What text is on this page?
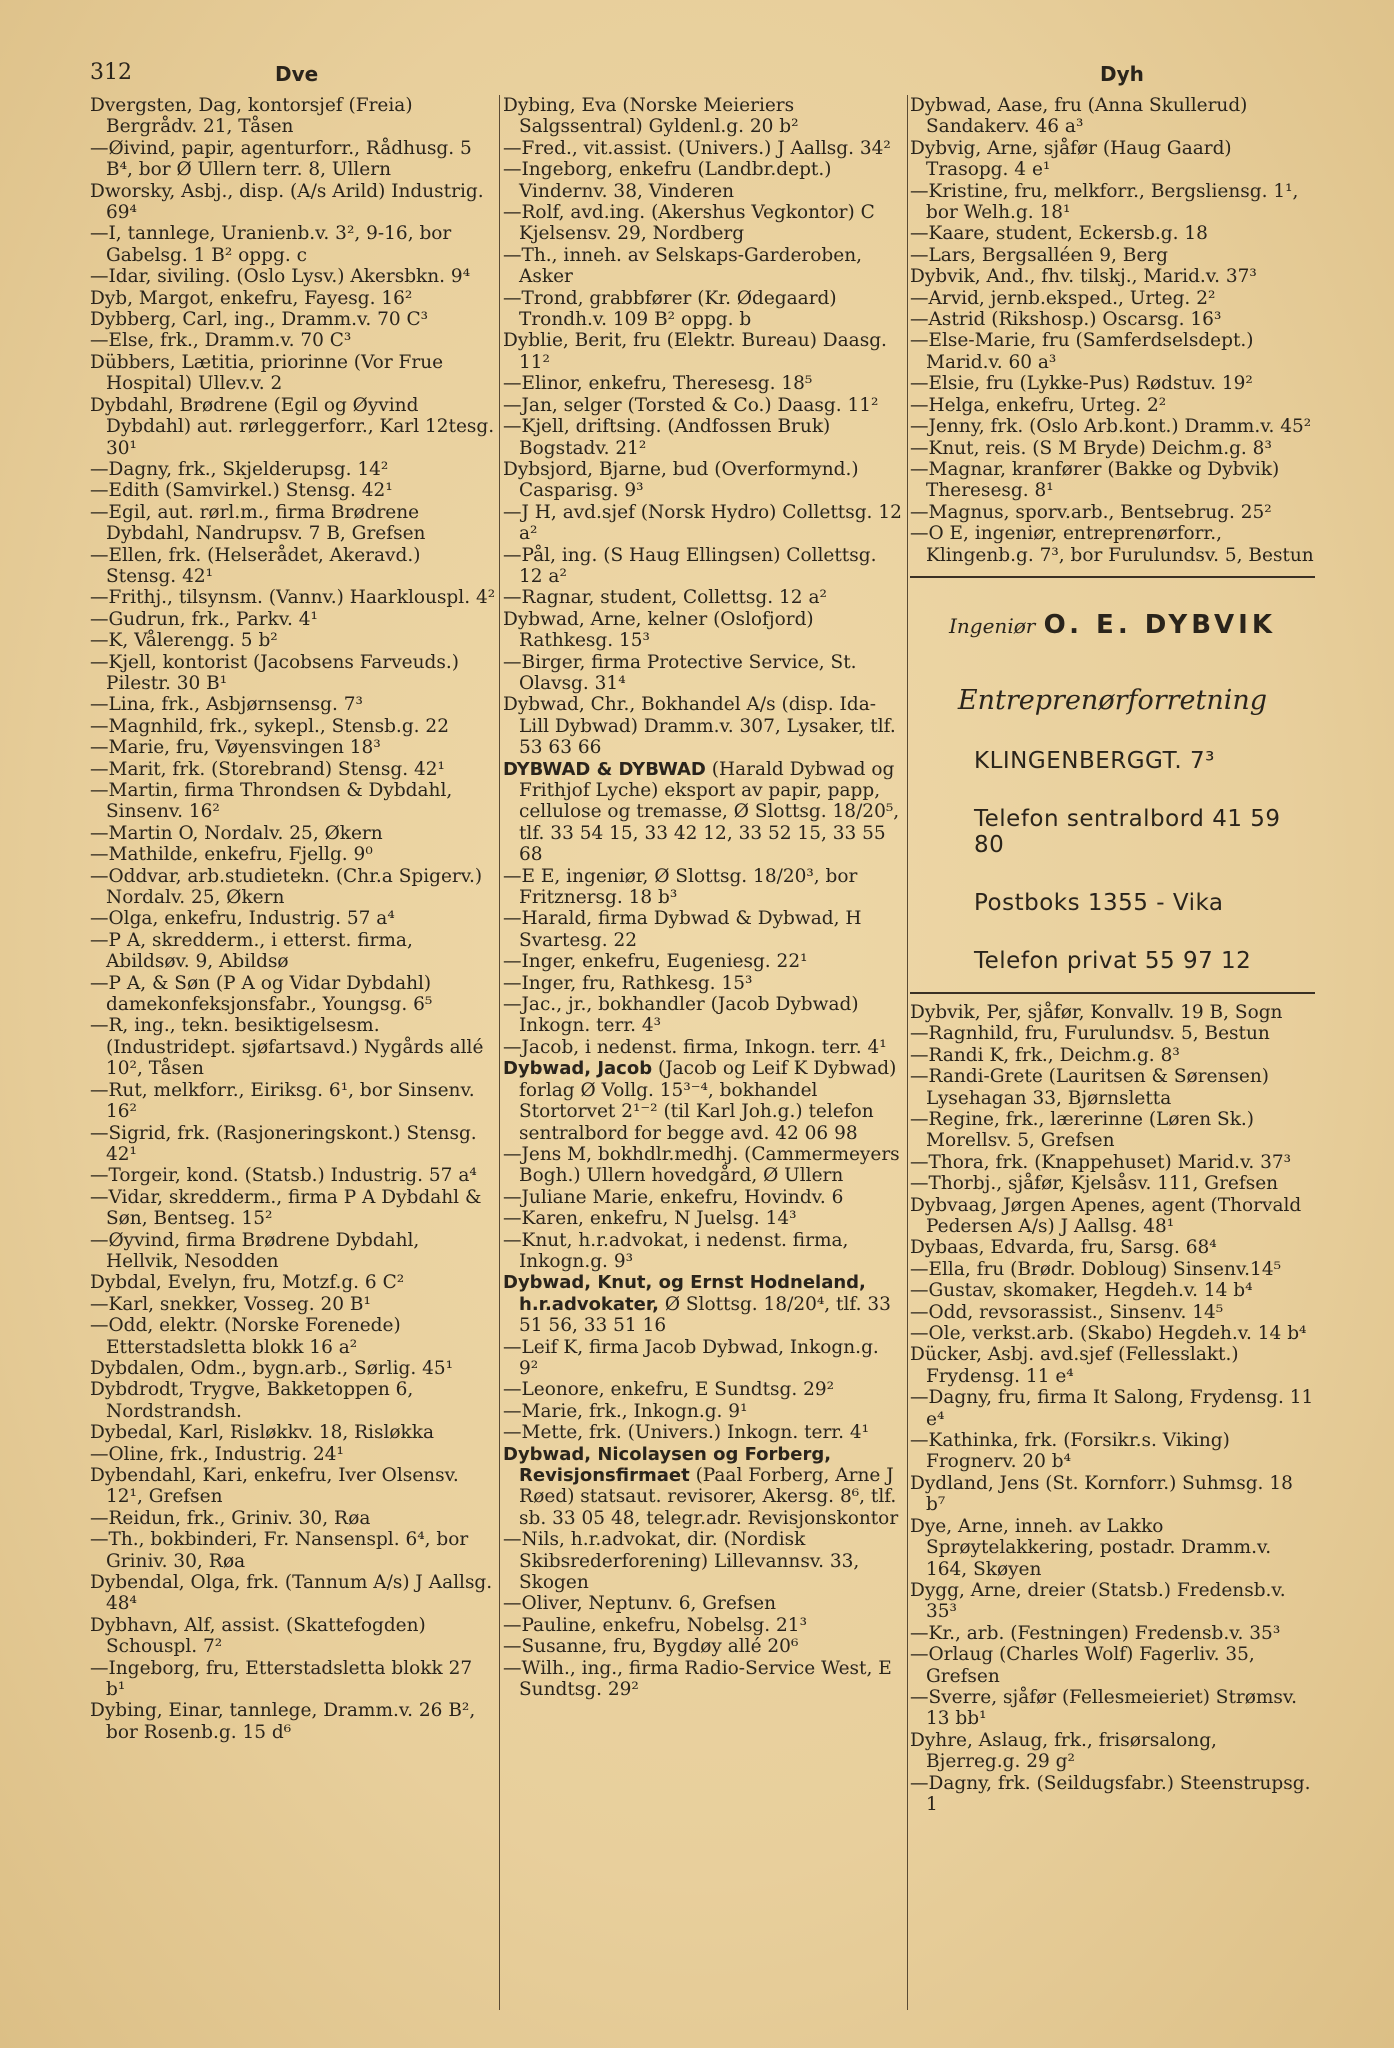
312	Dve	Dyh

Dvergsten, Dag, kontorsjef (Freia) Bergrådv. 21, Tåsen

—Øivind, papir, agenturforr., Rådhusg. 5 B⁴, bor Ø Ullern terr. 8, Ullern

Dworsky, Asbj., disp. (A/s Arild) Industrig. 69⁴

—I, tannlege, Uranienb.v. 3², 9-16, bor Gabelsg. 1 B² oppg. c

—Idar, siviling. (Oslo Lysv.) Akersbkn. 9⁴

Dyb, Margot, enkefru, Fayesg. 16²

Dybberg, Carl, ing., Dramm.v. 70 C³

—Else, frk., Dramm.v. 70 C³

Dübbers, Lætitia, priorinne (Vor Frue Hospital) Ullev.v. 2

Dybdahl, Brødrene (Egil og Øyvind Dybdahl) aut. rørleggerforr., Karl 12tesg. 30¹

—Dagny, frk., Skjelderupsg. 14²

—Edith (Samvirkel.) Stensg. 42¹

—Egil, aut. rørl.m., firma Brødrene Dybdahl, Nandrupsv. 7 B, Grefsen

—Ellen, frk. (Helserådet, Akeravd.) Stensg. 42¹

—Frithj., tilsynsm. (Vannv.) Haarklouspl. 4²

—Gudrun, frk., Parkv. 4¹

—K, Vålerengg. 5 b²

—Kjell, kontorist (Jacobsens Farveuds.) Pilestr. 30 B¹

—Lina, frk., Asbjørnsensg. 7³

—Magnhild, frk., sykepl., Stensb.g. 22

—Marie, fru, Vøyensvingen 18³

—Marit, frk. (Storebrand) Stensg. 42¹

—Martin, firma Throndsen & Dybdahl, Sinsenv. 16²

—Martin O, Nordalv. 25, Økern

—Mathilde, enkefru, Fjellg. 9⁰

—Oddvar, arb.studietekn. (Chr.a Spigerv.) Nordalv. 25, Økern

—Olga, enkefru, Industrig. 57 a⁴

—P A, skredderm., i etterst. firma, Abildsøv. 9, Abildsø

—P A, & Søn (P A og Vidar Dybdahl) damekonfeksjonsfabr., Youngsg. 6⁵

—R, ing., tekn. besiktigelsesm. (Industridept. sjøfartsavd.) Nygårds allé 10², Tåsen

—Rut, melkforr., Eiriksg. 6¹, bor Sinsenv. 16²

—Sigrid, frk. (Rasjoneringskont.) Stensg. 42¹

—Torgeir, kond. (Statsb.) Industrig. 57 a⁴

—Vidar, skredderm., firma P A Dybdahl & Søn, Bentseg. 15²

—Øyvind, firma Brødrene Dybdahl, Hellvik, Nesodden

Dybdal, Evelyn, fru, Motzf.g. 6 C²

—Karl, snekker, Vosseg. 20 B¹

—Odd, elektr. (Norske Forenede) Etterstadsletta blokk 16 a²

Dybdalen, Odm., bygn.arb., Sørlig. 45¹

Dybdrodt, Trygve, Bakketoppen 6, Nordstrandsh.

Dybedal, Karl, Risløkkv. 18, Risløkka

—Oline, frk., Industrig. 24¹

Dybendahl, Kari, enkefru, Iver Olsensv. 12¹, Grefsen

—Reidun, frk., Griniv. 30, Røa

—Th., bokbinderi, Fr. Nansenspl. 6⁴, bor Griniv. 30, Røa

Dybendal, Olga, frk. (Tannum A/s) J Aallsg. 48⁴

Dybhavn, Alf, assist. (Skattefogden) Schouspl. 7²

—Ingeborg, fru, Etterstadsletta blokk 27 b¹

Dybing, Einar, tannlege, Dramm.v. 26 B², bor Rosenb.g. 15 d⁶

Dybing, Eva (Norske Meieriers Salgssentral) Gyldenl.g. 20 b²

—Fred., vit.assist. (Univers.) J Aallsg. 34²

—Ingeborg, enkefru (Landbr.dept.) Vindernv. 38, Vinderen

—Rolf, avd.ing. (Akershus Vegkontor) C Kjelsensv. 29, Nordberg

—Th., inneh. av Selskaps-Garderoben, Asker

—Trond, grabbfører (Kr. Ødegaard) Trondh.v. 109 B² oppg. b

Dyblie, Berit, fru (Elektr. Bureau) Daasg. 11²

—Elinor, enkefru, Theresesg. 18⁵

—Jan, selger (Torsted & Co.) Daasg. 11²

—Kjell, driftsing. (Andfossen Bruk) Bogstadv. 21²

Dybsjord, Bjarne, bud (Overformynd.) Casparisg. 9³

—J H, avd.sjef (Norsk Hydro) Collettsg. 12 a²

—Pål, ing. (S Haug Ellingsen) Collettsg. 12 a²

—Ragnar, student, Collettsg. 12 a²

Dybwad, Arne, kelner (Oslofjord) Rathkesg. 15³

—Birger, firma Protective Service, St. Olavsg. 31⁴

Dybwad, Chr., Bokhandel A/s (disp. Ida-Lill Dybwad) Dramm.v. 307, Lysaker, tlf. 53 63 66

DYBWAD & DYBWAD (Harald Dybwad og Frithjof Lyche) eksport av papir, papp, cellulose og tremasse, Ø Slottsg. 18/20⁵, tlf. 33 54 15, 33 42 12, 33 52 15, 33 55 68

—E E, ingeniør, Ø Slottsg. 18/20³, bor Fritznersg. 18 b³

—Harald, firma Dybwad & Dybwad, H Svartesg. 22

—Inger, enkefru, Eugeniesg. 22¹

—Inger, fru, Rathkesg. 15³

—Jac., jr., bokhandler (Jacob Dybwad) Inkogn. terr. 4³

—Jacob, i nedenst. firma, Inkogn. terr. 4¹

Dybwad, Jacob (Jacob og Leif K Dybwad) forlag Ø Vollg. 15³⁻⁴, bokhandel Stortorvet 2¹⁻² (til Karl Joh.g.) telefon sentralbord for begge avd. 42 06 98

—Jens M, bokhdlr.medhj. (Cammermeyers Bogh.) Ullern hovedgård, Ø Ullern

—Juliane Marie, enkefru, Hovindv. 6

—Karen, enkefru, N Juelsg. 14³

—Knut, h.r.advokat, i nedenst. firma, Inkogn.g. 9³

Dybwad, Knut, og Ernst Hodneland, h.r.advokater, Ø Slottsg. 18/20⁴, tlf. 33 51 56, 33 51 16

—Leif K, firma Jacob Dybwad, Inkogn.g. 9²

—Leonore, enkefru, E Sundtsg. 29²

—Marie, frk., Inkogn.g. 9¹

—Mette, frk. (Univers.) Inkogn. terr. 4¹

Dybwad, Nicolaysen og Forberg, Revisjonsfirmaet (Paal Forberg, Arne J Røed) statsaut. revisorer, Akersg. 8⁶, tlf. sb. 33 05 48, telegr.adr. Revisjonskontor

—Nils, h.r.advokat, dir. (Nordisk Skibsrederforening) Lillevannsv. 33, Skogen

—Oliver, Neptunv. 6, Grefsen

—Pauline, enkefru, Nobelsg. 21³

—Susanne, fru, Bygdøy allé 20⁶

—Wilh., ing., firma Radio-Service West, E Sundtsg. 29²

Dybwad, Aase, fru (Anna Skullerud) Sandakerv. 46 a³

Dybvig, Arne, sjåfør (Haug Gaard) Trasopg. 4 e¹

—Kristine, fru, melkforr., Bergsliensg. 1¹, bor Welh.g. 18¹

—Kaare, student, Eckersb.g. 18

—Lars, Bergsalléen 9, Berg

Dybvik, And., fhv. tilskj., Marid.v. 37³

—Arvid, jernb.eksped., Urteg. 2²

—Astrid (Rikshosp.) Oscarsg. 16³

—Else-Marie, fru (Samferdselsdept.) Marid.v. 60 a³

—Elsie, fru (Lykke-Pus) Rødstuv. 19²

—Helga, enkefru, Urteg. 2²

—Jenny, frk. (Oslo Arb.kont.) Dramm.v. 45²

—Knut, reis. (S M Bryde) Deichm.g. 8³

—Magnar, kranfører (Bakke og Dybvik) Theresesg. 8¹

—Magnus, sporv.arb., Bentsebrug. 25²

—O E, ingeniør, entreprenørforr., Klingenb.g. 7³, bor Furulundsv. 5, Bestun

Ingeniør O. E. DYBVIK
Entreprenørforretning
KLINGENBERGGT. 7³
Telefon sentralbord 41 59 80
Postboks 1355 - Vika
Telefon privat 55 97 12

Dybvik, Per, sjåfør, Konvallv. 19 B, Sogn

—Ragnhild, fru, Furulundsv. 5, Bestun

—Randi K, frk., Deichm.g. 8³

—Randi-Grete (Lauritsen & Sørensen) Lysehagan 33, Bjørnsletta

—Regine, frk., lærerinne (Løren Sk.) Morellsv. 5, Grefsen

—Thora, frk. (Knappehuset) Marid.v. 37³

—Thorbj., sjåfør, Kjelsåsv. 111, Grefsen

Dybvaag, Jørgen Apenes, agent (Thorvald Pedersen A/s) J Aallsg. 48¹

Dybaas, Edvarda, fru, Sarsg. 68⁴

—Ella, fru (Brødr. Dobloug) Sinsenv.14⁵

—Gustav, skomaker, Hegdeh.v. 14 b⁴

—Odd, revsorassist., Sinsenv. 14⁵

—Ole, verkst.arb. (Skabo) Hegdeh.v. 14 b⁴

Dücker, Asbj. avd.sjef (Fellesslakt.) Frydensg. 11 e⁴

—Dagny, fru, firma It Salong, Frydensg. 11 e⁴

—Kathinka, frk. (Forsikr.s. Viking) Frognerv. 20 b⁴

Dydland, Jens (St. Kornforr.) Suhmsg. 18 b⁷

Dye, Arne, inneh. av Lakko Sprøytelakkering, postadr. Dramm.v. 164, Skøyen

Dygg, Arne, dreier (Statsb.) Fredensb.v. 35³

—Kr., arb. (Festningen) Fredensb.v. 35³

—Orlaug (Charles Wolf) Fagerliv. 35, Grefsen

—Sverre, sjåfør (Fellesmeieriet) Strømsv. 13 bb¹

Dyhre, Aslaug, frk., frisørsalong, Bjerreg.g. 29 g²

—Dagny, frk. (Seildugsfabr.) Steenstrupsg. 1
